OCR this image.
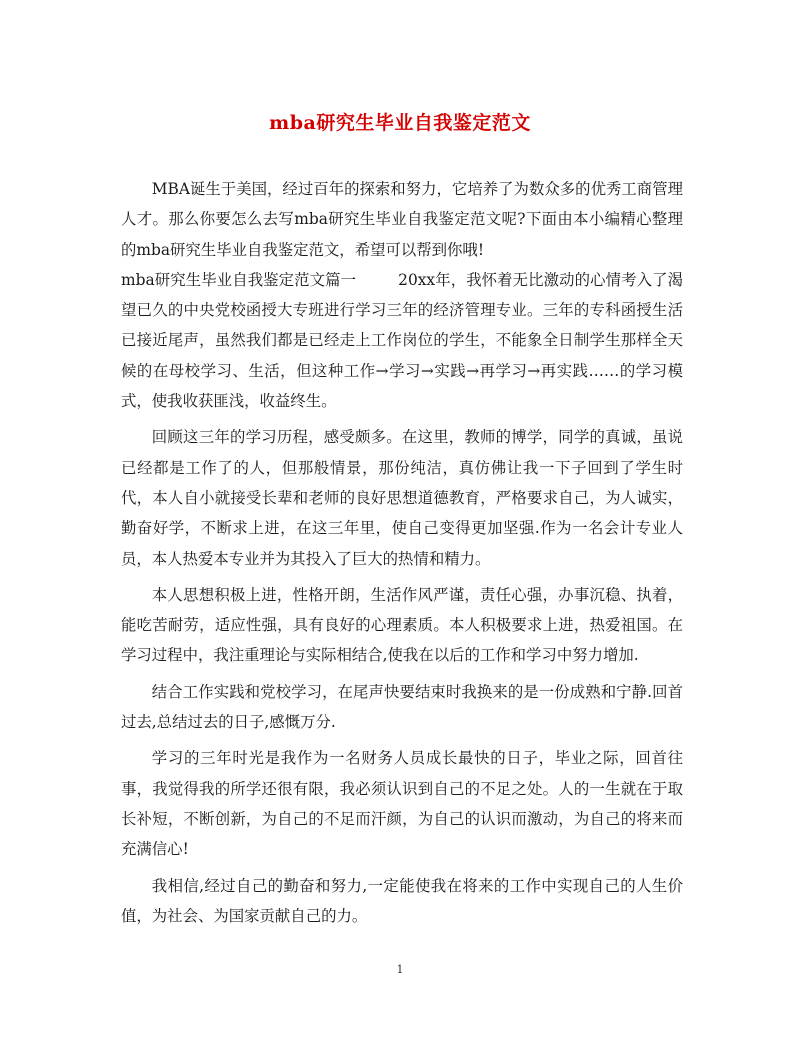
mba研究生毕业自我鉴定范文

MBA诞生于美国，经过百年的探索和努力，它培养了为数众多的优秀工商管理人才。那么你要怎么去写mba研究生毕业自我鉴定范文呢?下面由本小编精心整理的mba研究生毕业自我鉴定范文，希望可以帮到你哦!

mba研究生毕业自我鉴定范文篇一	20xx年，我怀着无比激动的心情考入了渴望已久的中央党校函授大专班进行学习三年的经济管理专业。三年的专科函授生活已接近尾声，虽然我们都是已经走上工作岗位的学生，不能象全日制学生那样全天候的在母校学习、生活，但这种工作→学习→实践→再学习→再实践……的学习模式，使我收获匪浅，收益终生。

回顾这三年的学习历程，感受颇多。在这里，教师的博学，同学的真诚，虽说已经都是工作了的人，但那般情景，那份纯洁，真仿佛让我一下子回到了学生时代，本人自小就接受长辈和老师的良好思想道德教育，严格要求自己，为人诚实，勤奋好学，不断求上进，在这三年里，使自己变得更加坚强.作为一名会计专业人员，本人热爱本专业并为其投入了巨大的热情和精力。

本人思想积极上进，性格开朗，生活作风严谨，责任心强，办事沉稳、执着，能吃苦耐劳，适应性强，具有良好的心理素质。本人积极要求上进，热爱祖国。在学习过程中，我注重理论与实际相结合,使我在以后的工作和学习中努力增加.

结合工作实践和党校学习，在尾声快要结束时我换来的是一份成熟和宁静.回首过去,总结过去的日子,感慨万分.

学习的三年时光是我作为一名财务人员成长最快的日子，毕业之际，回首往事，我觉得我的所学还很有限，我必须认识到自己的不足之处。人的一生就在于取长补短，不断创新，为自己的不足而汗颜，为自己的认识而激动，为自己的将来而充满信心!

我相信,经过自己的勤奋和努力,一定能使我在将来的工作中实现自己的人生价值，为社会、为国家贡献自己的力。

1
